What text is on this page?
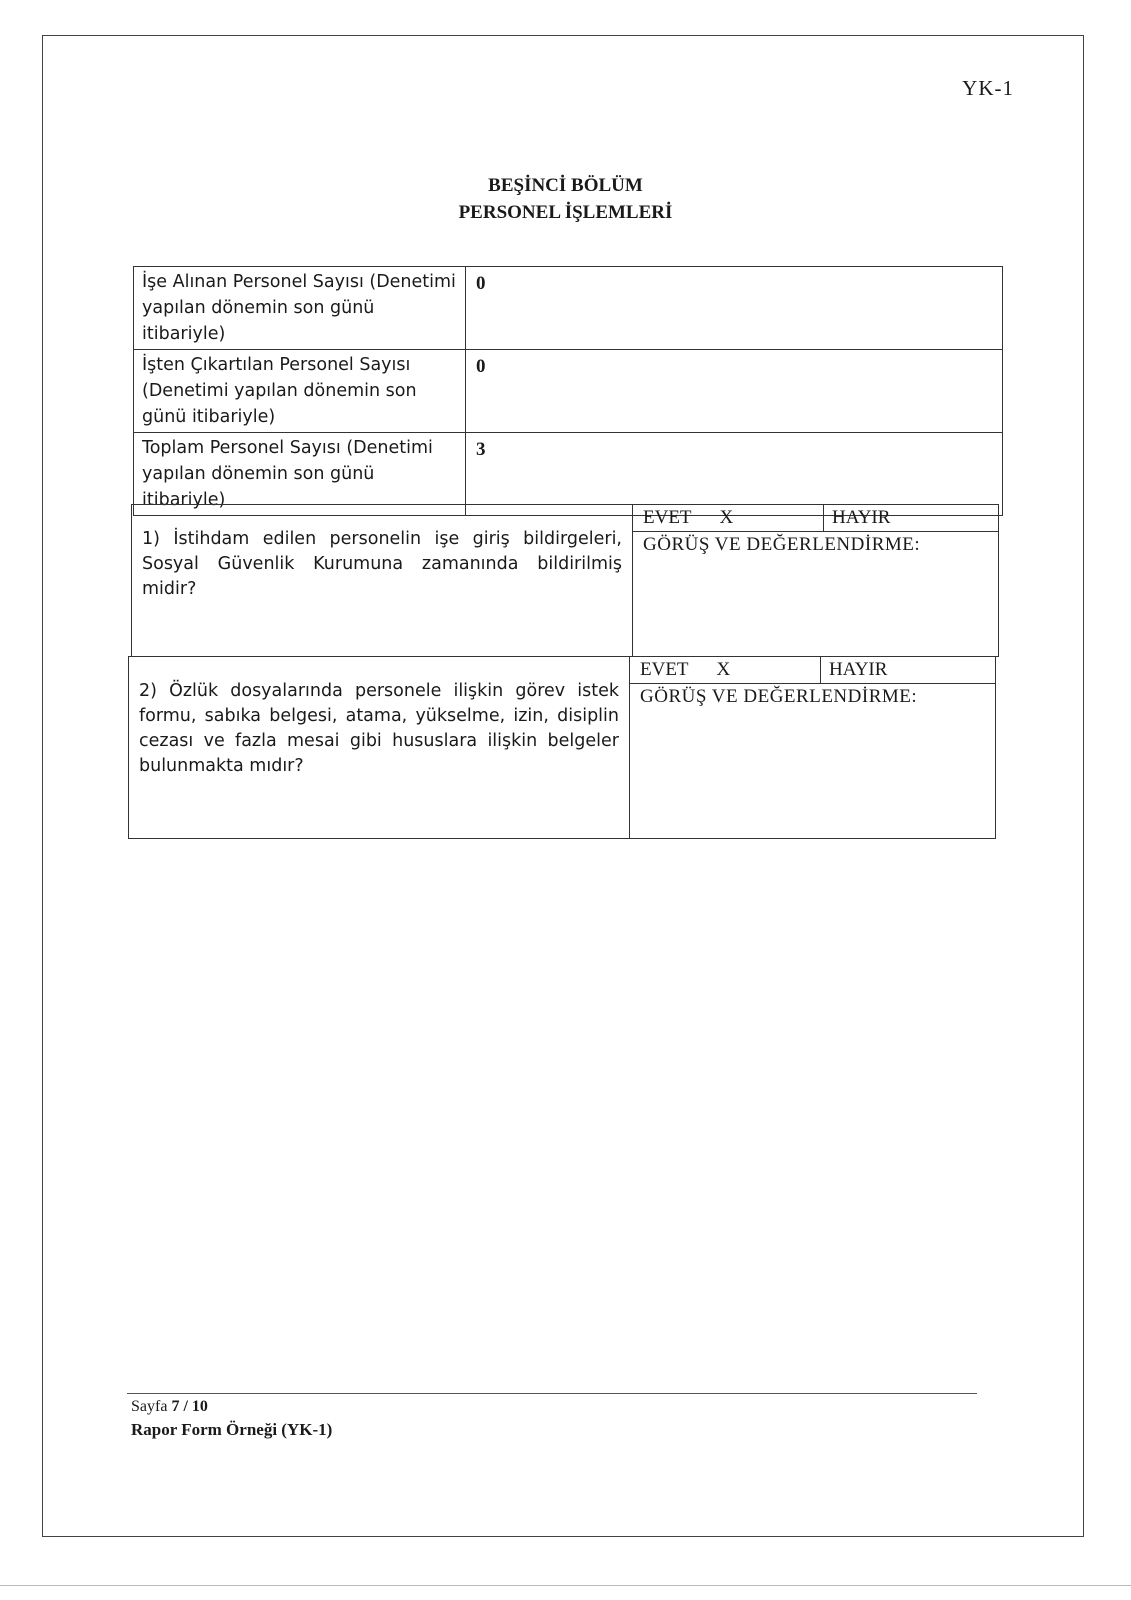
YK-1
BEŞİNCİ BÖLÜM
PERSONEL İŞLEMLERİ
İşe Alınan Personel Sayısı (Denetimi yapılan dönemin son günü itibariyle)	0
İşten Çıkartılan Personel Sayısı (Denetimi yapılan dönemin son günü itibariyle)	0
Toplam Personel Sayısı (Denetimi yapılan dönemin son günü itibariyle)	3
1) İstihdam edilen personelin işe giriş bildirgeleri, Sosyal Güvenlik Kurumuna zamanında bildirilmiş midir?	
EVET X	HAYIR
GÖRÜŞ VE DEĞERLENDİRME:
2) Özlük dosyalarında personele ilişkin görev istek formu, sabıka belgesi, atama, yükselme, izin, disiplin cezası ve fazla mesai gibi hususlara ilişkin belgeler bulunmakta mıdır?	
EVET X	HAYIR
GÖRÜŞ VE DEĞERLENDİRME:
Sayfa 7 / 10
Rapor Form Örneği (YK-1)
